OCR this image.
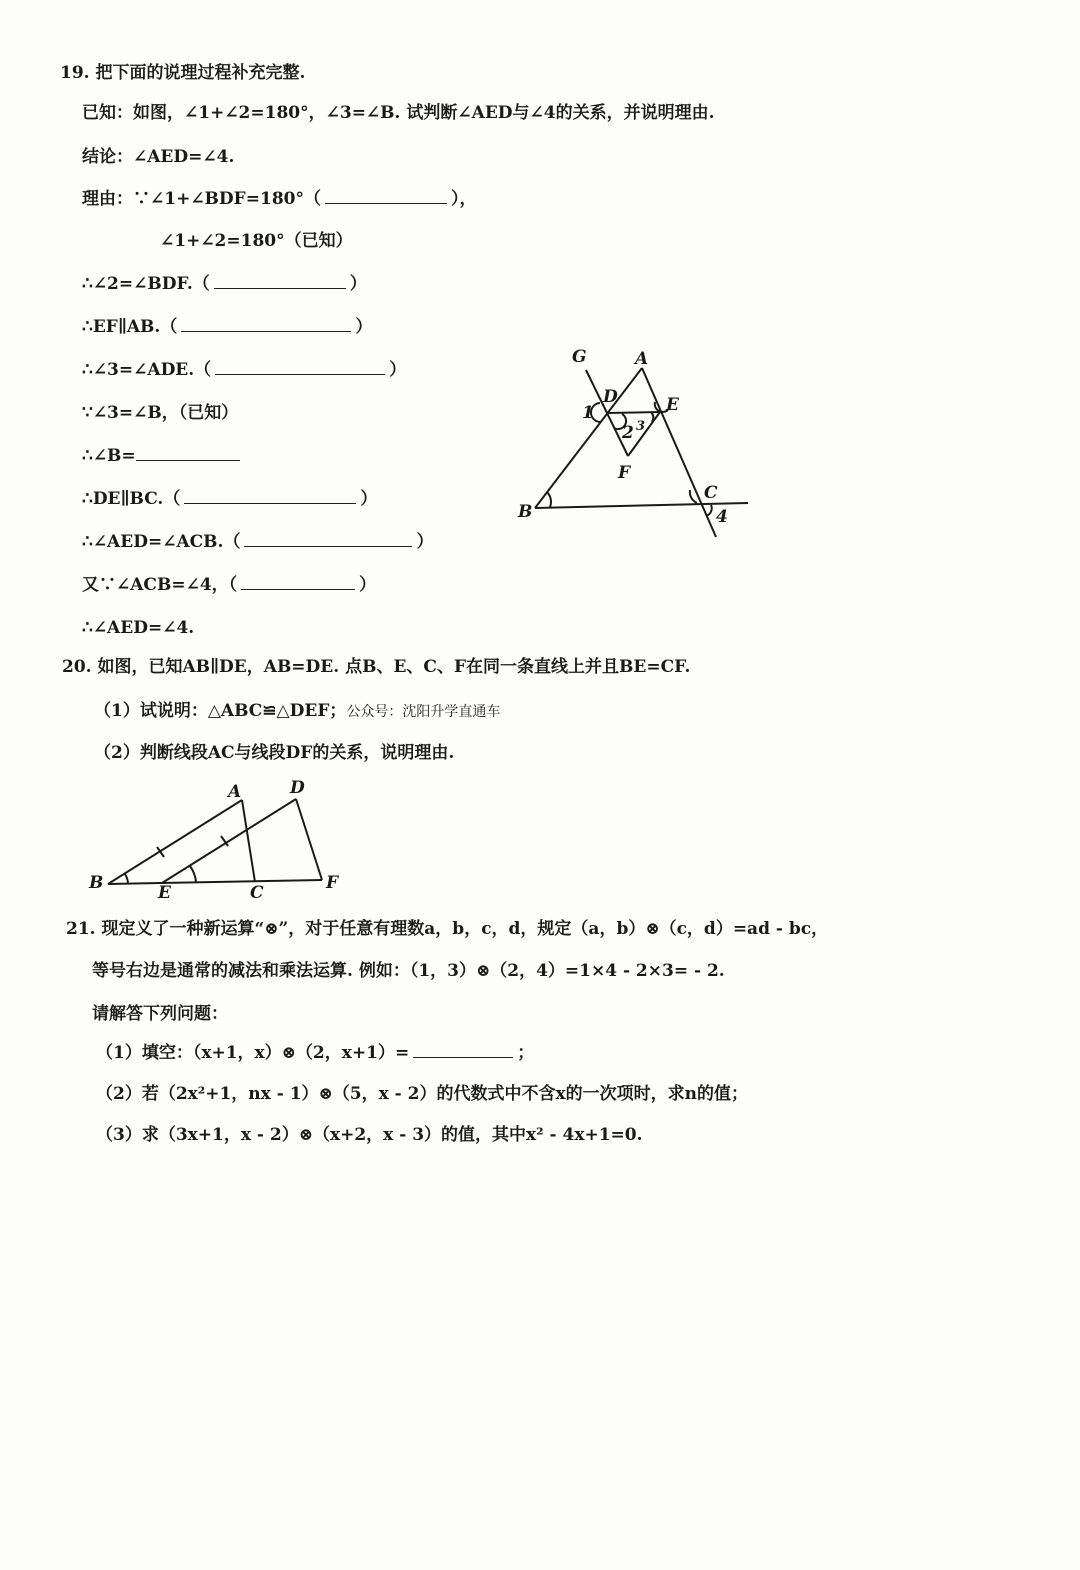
19. 把下面的说理过程补充完整.
已知：如图，∠1+∠2=180°，∠3=∠B. 试判断∠AED与∠4的关系，并说明理由.
结论：∠AED=∠4.
理由：∵∠1+∠BDF=180°（	），
∠1+∠2=180°（已知）
∴∠2=∠BDF.（	）
∴EF∥AB.（	）
∴∠3=∠ADE.（	）
∵∠3=∠B，（已知）
∴∠B=
∴DE∥BC.（	）
∴∠AED=∠ACB.（	）
又∵∠ACB=∠4，（	）
∴∠AED=∠4.
G	A
D	E
1
2 3
F
B
C
4
20. 如图，已知AB∥DE，AB=DE. 点B、E、C、F在同一条直线上并且BE=CF.
（1）试说明：△ABC≌△DEF；公众号：沈阳升学直通车
（2）判断线段AC与线段DF的关系，说明理由.
A	D
B	E	C	F
21. 现定义了一种新运算“⊗”，对于任意有理数a，b，c，d，规定（a，b）⊗（c，d）=ad - bc，
等号右边是通常的减法和乘法运算. 例如：（1，3）⊗（2，4）=1×4 - 2×3= - 2.
请解答下列问题：
（1）填空：（x+1，x）⊗（2，x+1）=	；
（2）若（2x²+1，nx - 1）⊗（5，x - 2）的代数式中不含x的一次项时，求n的值；
（3）求（3x+1，x - 2）⊗（x+2，x - 3）的值，其中x² - 4x+1=0.
